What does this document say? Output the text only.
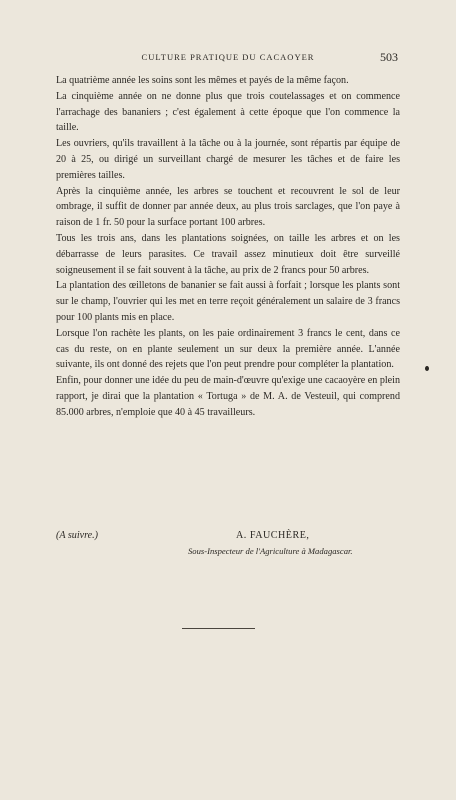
CULTURE PRATIQUE DU CACAOYER	503

La quatrième année les soins sont les mêmes et payés de la même façon.

La cinquième année on ne donne plus que trois coutelassages et on commence l'arrachage des bananiers ; c'est également à cette époque que l'on commence la taille.

Les ouvriers, qu'ils travaillent à la tâche ou à la journée, sont répartis par équipe de 20 à 25, ou dirigé un surveillant chargé de mesurer les tâches et de faire les premières tailles.

Après la cinquième année, les arbres se touchent et recouvrent le sol de leur ombrage, il suffit de donner par année deux, au plus trois sarclages, que l'on paye à raison de 1 fr. 50 pour la surface portant 100 arbres.

Tous les trois ans, dans les plantations soignées, on taille les arbres et on les débarrasse de leurs parasites. Ce travail assez minutieux doit être surveillé soigneusement il se fait souvent à la tâche, au prix de 2 francs pour 50 arbres.

La plantation des œilletons de bananier se fait aussi à forfait ; lorsque les plants sont sur le champ, l'ouvrier qui les met en terre reçoit généralement un salaire de 3 francs pour 100 plants mis en place.

Lorsque l'on rachète les plants, on les paie ordinairement 3 francs le cent, dans ce cas du reste, on en plante seulement un sur deux la première année. L'année suivante, ils ont donné des rejets que l'on peut prendre pour compléter la plantation.

Enfin, pour donner une idée du peu de main-d'œuvre qu'exige une cacaoyère en plein rapport, je dirai que la plantation « Tortuga » de M. A. de Vesteuil, qui comprend 85.000 arbres, n'emploie que 40 à 45 travailleurs.

(A suivre.)	A. FAUCHÈRE,
Sous-Inspecteur de l'Agriculture à Madagascar.
